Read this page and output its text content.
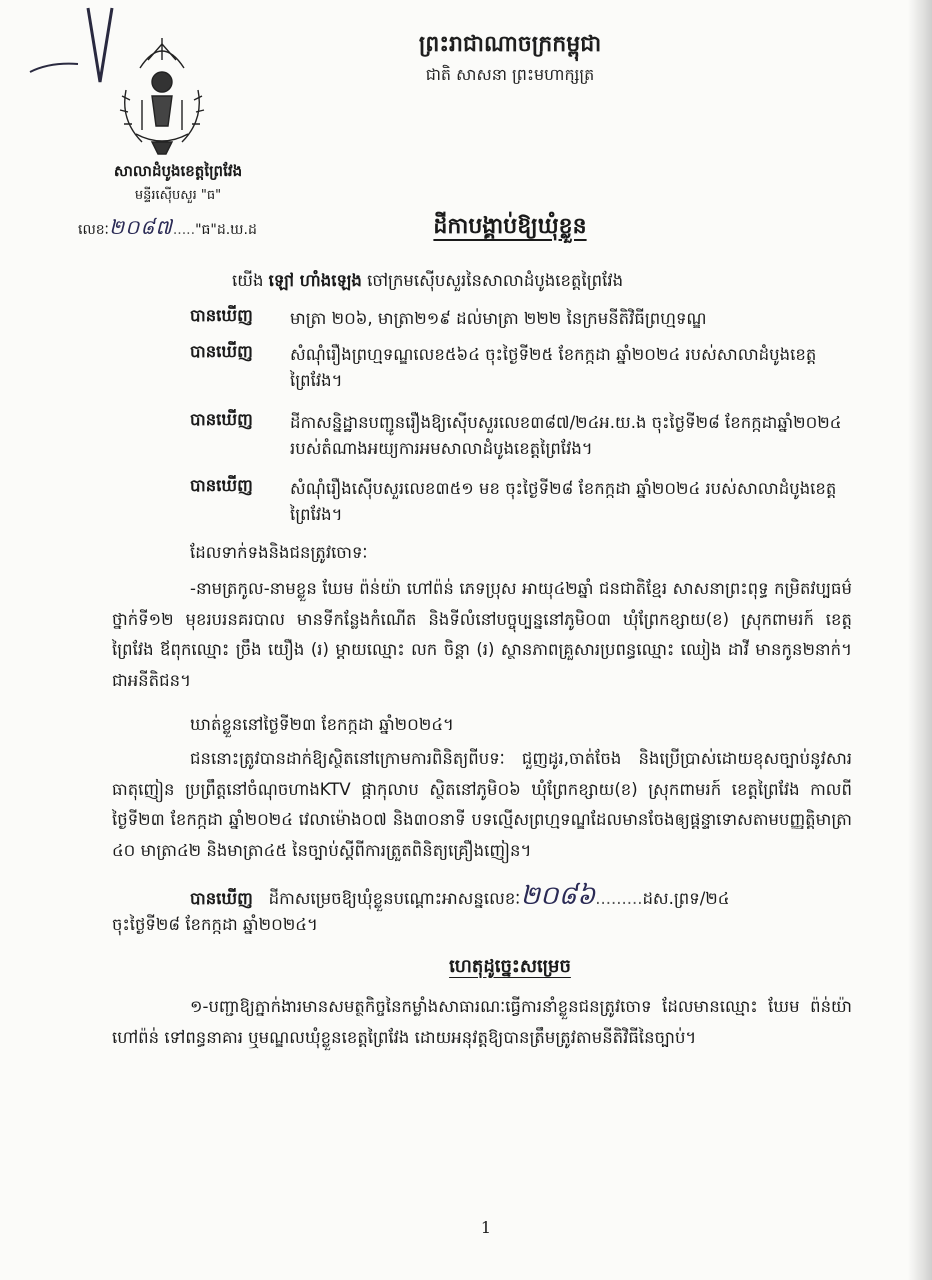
ព្រះរាជាណាចក្រកម្ពុជា
ជាតិ សាសនា ព្រះមហាក្សត្រ
សាលាដំបូងខេត្តព្រៃវែង
មន្ទីរស៊ើបសួរ "ធ"
លេខៈ២០៨៧....."ធ"ដ.ឃ.ដ	ដីកាបង្គាប់ឱ្យឃុំខ្លួន
យើង ឡៅ ហាំងឡេង ចៅក្រមស៊ើបសួរនៃសាលាដំបូងខេត្តព្រៃវែង
បានឃើញ	មាត្រា ២០៦, មាត្រា២១៩ ដល់មាត្រា ២២២ នៃក្រមនីតិវិធីព្រហ្មទណ្ឌ
បានឃើញ	សំណុំរឿងព្រហ្មទណ្ឌលេខ៥៦៤ ចុះថ្ងៃទី២៥ ខែកក្កដា ឆ្នាំ២០២៤ របស់សាលាដំបូងខេត្តព្រៃវែង។
បានឃើញ	ដីកាសន្និដ្ឋានបញ្ជូនរឿងឱ្យស៊ើបសួរលេខ៣៨៧/២៤អ.យ.ង ចុះថ្ងៃទី២៨ ខែកក្កដាឆ្នាំ២០២៤ របស់តំណាងអយ្យការអមសាលាដំបូងខេត្តព្រៃវែង។
បានឃើញ	សំណុំរឿងស៊ើបសួរលេខ៣៥១ មខ ចុះថ្ងៃទី២៨ ខែកក្កដា ឆ្នាំ២០២៤ របស់សាលាដំបូងខេត្តព្រៃវែង។
ដែលទាក់ទងនិងជនត្រូវចោទៈ
-នាមត្រកូល-នាមខ្លួន ឃែម ព៉ន់យ៉ា ហៅព៉ន់ ភេទប្រុស អាយុ៤២ឆ្នាំ ជនជាតិខ្មែរ សាសនាព្រះពុទ្ធ កម្រិតវប្បធម៌ថ្នាក់ទី១២ មុខរបរនគរបាល មានទីកន្លែងកំណើត និងទីលំនៅបច្ចុប្បន្ននៅភូមិ០៣ ឃុំព្រែកខ្សាយ(ខ) ស្រុកពាមរក៍ ខេត្តព្រៃវែង ឪពុកឈ្មោះ ច្រឹង យឿង (រ) ម្តាយឈ្មោះ លក ចិន្តា (រ) ស្ថានភាពគ្រួសារប្រពន្ធឈ្មោះ ឈៀង ដាវី មានកូន២នាក់។ ជាអនីតិជន។
ឃាត់ខ្លួននៅថ្ងៃទី២៣ ខែកក្កដា ឆ្នាំ២០២៤។
ជននោះត្រូវបានដាក់ឱ្យស្ថិតនៅក្រោមការពិនិត្យពីបទៈ ជួញដូរ,ចាត់ចែង និងប្រើប្រាស់ដោយខុសច្បាប់នូវសារធាតុញៀន ប្រព្រឹត្តនៅចំណុចហាងKTV ផ្កាកុលាប ស្ថិតនៅភូមិ០៦ ឃុំព្រែកខ្សាយ(ខ) ស្រុកពាមរក៍ ខេត្តព្រៃវែង កាលពីថ្ងៃទី២៣ ខែកក្កដា ឆ្នាំ២០២៤ វេលាម៉ោង០៧ និង៣០នាទី បទល្មើសព្រហ្មទណ្ឌដែលមានចែងឲ្យផ្តន្ទាទោសតាមបញ្ញត្តិមាត្រា ៤០ មាត្រា៤២ និងមាត្រា៤៥ នៃច្បាប់ស្តីពីការត្រួតពិនិត្យគ្រឿងញៀន។
បានឃើញ ដីកាសម្រេចឱ្យឃុំខ្លួនបណ្តោះអាសន្នលេខៈ២០៨៦.........ដស.ព្រទ/២៤
ចុះថ្ងៃទី២៨ ខែកក្កដា ឆ្នាំ២០២៤។
ហេតុដូច្នេះសម្រេច
១-បញ្ជាឱ្យភ្នាក់ងារមានសមត្ថកិច្ចនៃកម្លាំងសាធារណៈធ្វើការនាំខ្លួនជនត្រូវចោទ ដែលមានឈ្មោះ ឃែម ព៉ន់យ៉ា ហៅព៉ន់ ទៅពន្ធនាគារ ឬមណ្ឌលឃុំខ្លួនខេត្តព្រៃវែង ដោយអនុវត្តឱ្យបានត្រឹមត្រូវតាមនីតិវិធីនៃច្បាប់។
1
